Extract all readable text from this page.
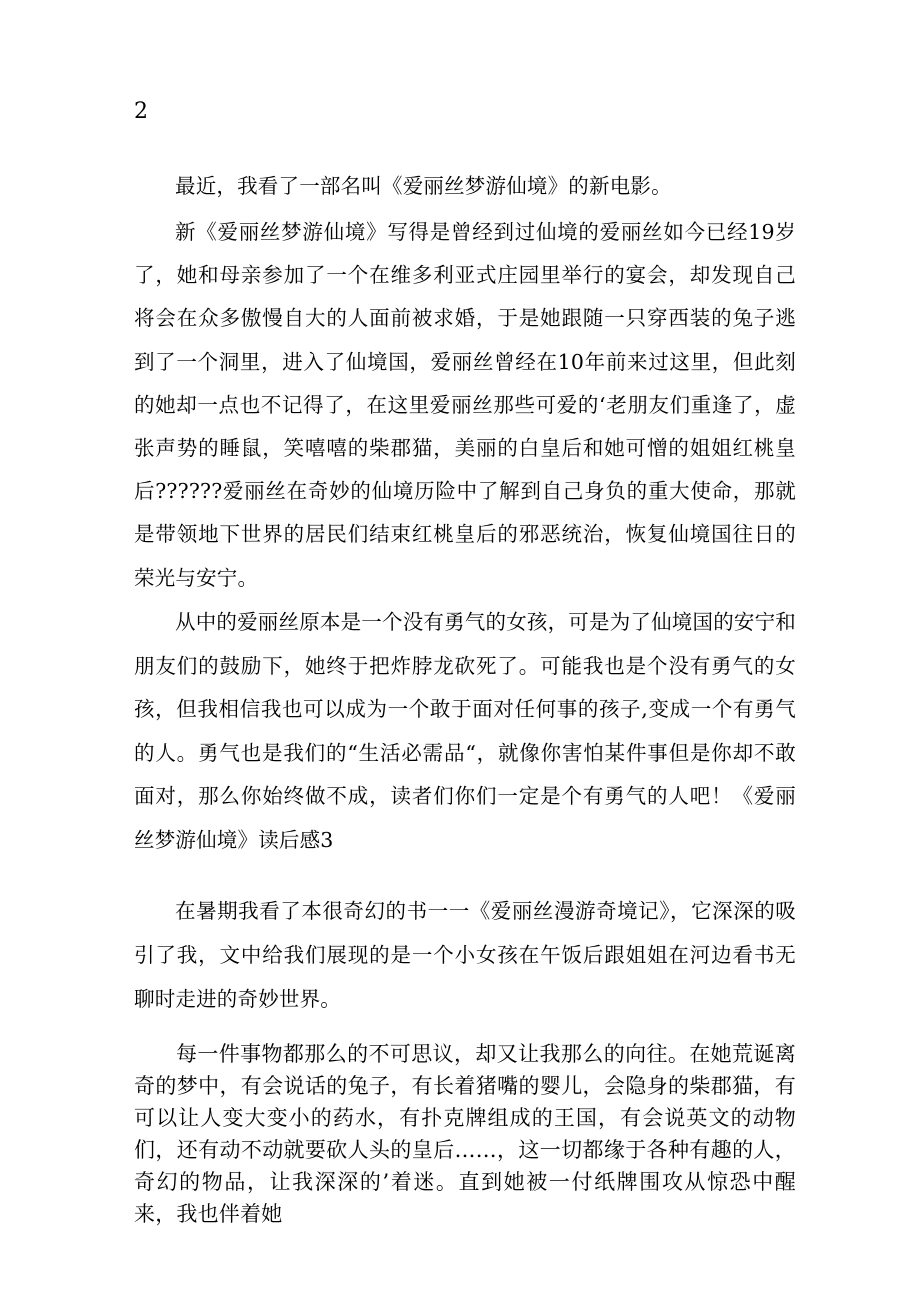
2

最近，我看了一部名叫《爱丽丝梦游仙境》的新电影。

新《爱丽丝梦游仙境》写得是曾经到过仙境的爱丽丝如今已经19岁了，她和母亲参加了一个在维多利亚式庄园里举行的宴会，却发现自己将会在众多傲慢自大的人面前被求婚，于是她跟随一只穿西装的兔子逃到了一个洞里，进入了仙境国，爱丽丝曾经在10年前来过这里，但此刻的她却一点也不记得了，在这里爱丽丝那些可爱的‘老朋友们重逢了，虚张声势的睡鼠，笑嘻嘻的柴郡猫，美丽的白皇后和她可憎的姐姐红桃皇后??????爱丽丝在奇妙的仙境历险中了解到自己身负的重大使命，那就是带领地下世界的居民们结束红桃皇后的邪恶统治，恢复仙境国往日的荣光与安宁。

从中的爱丽丝原本是一个没有勇气的女孩，可是为了仙境国的安宁和朋友们的鼓励下，她终于把炸脖龙砍死了。可能我也是个没有勇气的女孩，但我相信我也可以成为一个敢于面对任何事的孩子,变成一个有勇气的人。勇气也是我们的“生活必需品“，就像你害怕某件事但是你却不敢面对，那么你始终做不成，读者们你们一定是个有勇气的人吧！《爱丽丝梦游仙境》读后感3

在暑期我看了本很奇幻的书一一《爱丽丝漫游奇境记》，它深深的吸引了我，文中给我们展现的是一个小女孩在午饭后跟姐姐在河边看书无聊时走进的奇妙世界。

每一件事物都那么的不可思议，却又让我那么的向往。在她荒诞离奇的梦中，有会说话的兔子，有长着猪嘴的婴儿，会隐身的柴郡猫，有可以让人变大变小的药水，有扑克牌组成的王国，有会说英文的动物们，还有动不动就要砍人头的皇后……，这一切都缘于各种有趣的人，奇幻的物品，让我深深的’着迷。直到她被一付纸牌围攻从惊恐中醒来，我也伴着她
